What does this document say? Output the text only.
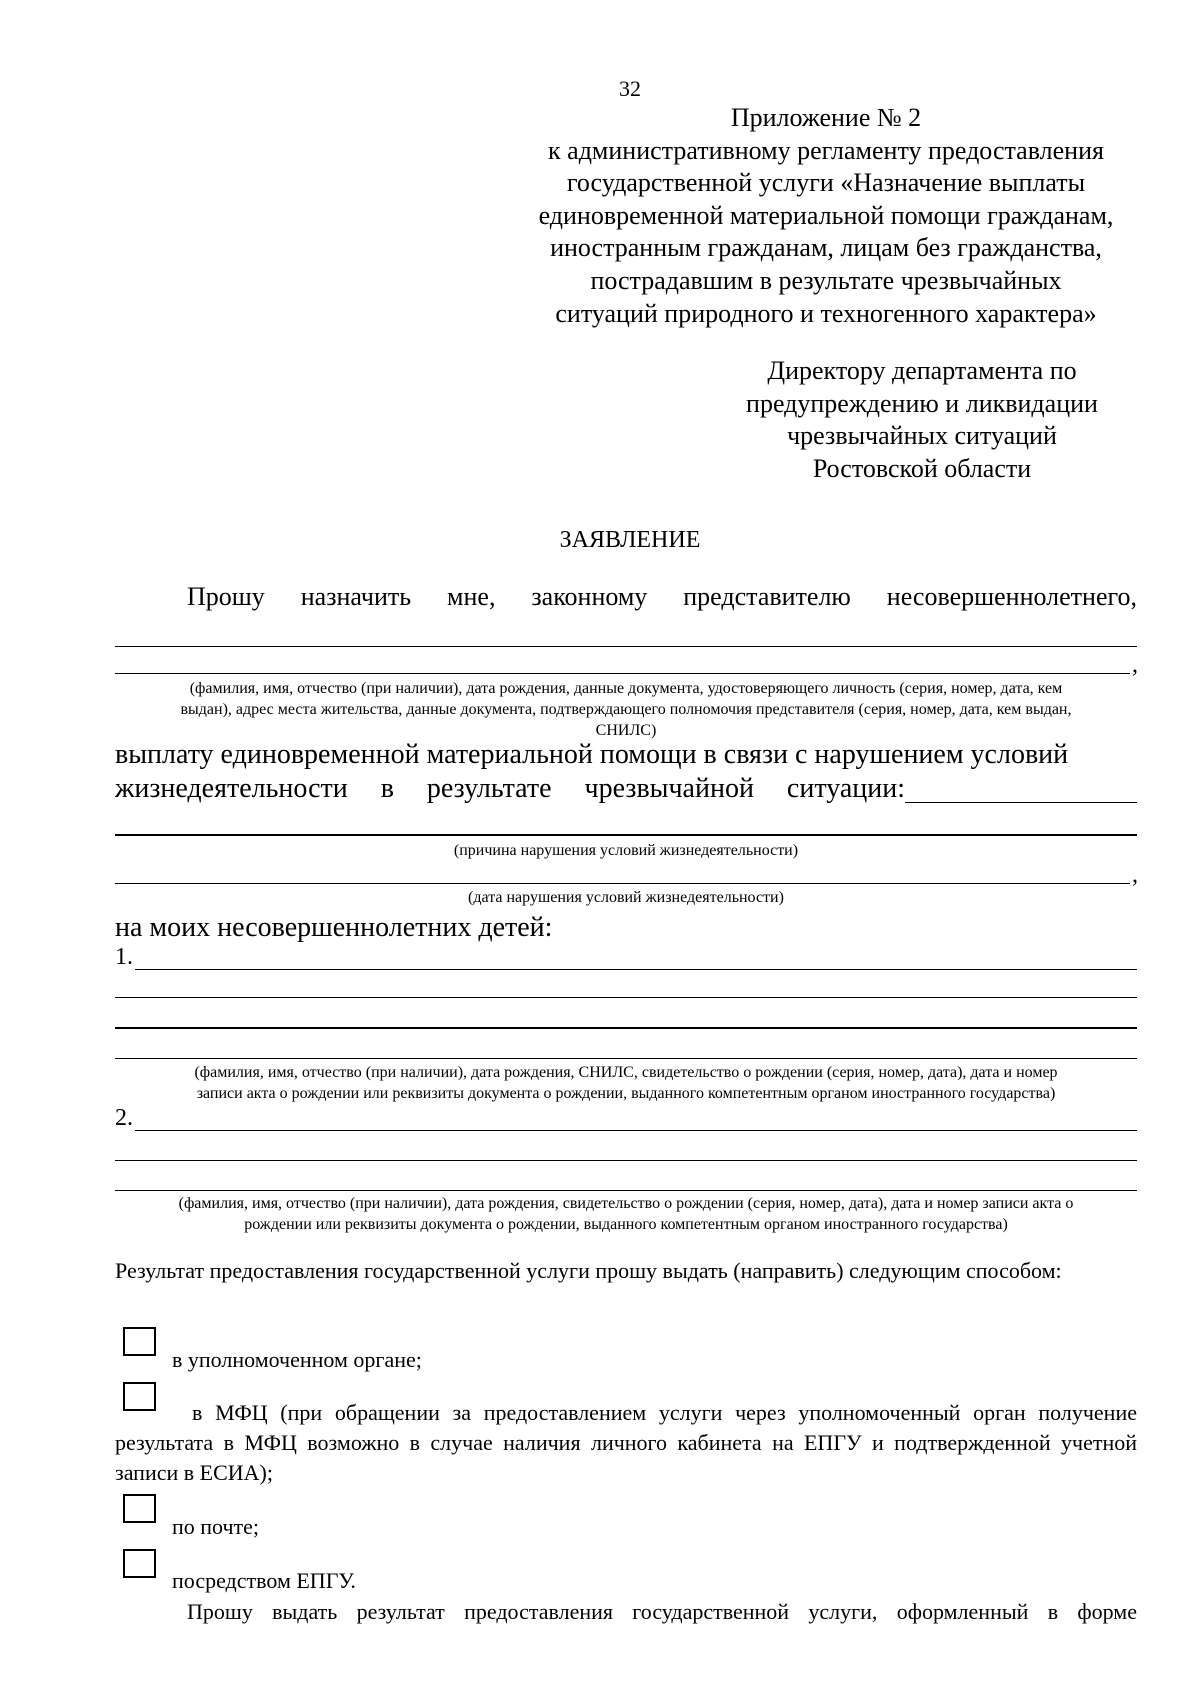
32
Приложение № 2
к административному регламенту предоставления
государственной услуги «Назначение выплаты
единовременной материальной помощи гражданам,
иностранным гражданам, лицам без гражданства,
пострадавшим в результате чрезвычайных
ситуаций природного и техногенного характера»
Директору департамента по
предупреждению и ликвидации
чрезвычайных ситуаций
Ростовской области
ЗАЯВЛЕНИЕ

Прошу назначить мне, законному представителю несовершеннолетнего,

,
(фамилия, имя, отчество (при наличии), дата рождения, данные документа, удостоверяющего личность (серия, номер, дата, кем
выдан), адрес места жительства, данные документа, подтверждающего полномочия представителя (серия, номер, дата, кем выдан,
СНИЛС)

выплату единовременной материальной помощи в связи с нарушением условий

жизнедеятельности в результате чрезвычайной ситуации:

(причина нарушения условий жизнедеятельности)
,
(дата нарушения условий жизнедеятельности)

на моих несовершеннолетних детей:

1.
(фамилия, имя, отчество (при наличии), дата рождения, СНИЛС, свидетельство о рождении (серия, номер, дата), дата и номер
записи акта о рождении или реквизиты документа о рождении, выданного компетентным органом иностранного государства)
2.
(фамилия, имя, отчество (при наличии), дата рождения, свидетельство о рождении (серия, номер, дата), дата и номер записи акта о
рождении или реквизиты документа о рождении, выданного компетентным органом иностранного государства)

Результат предоставления государственной услуги прошу выдать (направить) следующим способом:

в уполномоченном органе;

в МФЦ (при обращении за предоставлением услуги через уполномоченный орган получение результата в МФЦ возможно в случае наличия личного кабинета на ЕПГУ и подтвержденной учетной записи в ЕСИА);

по почте;
посредством ЕПГУ.

Прошу выдать результат предоставления государственной услуги, оформленный в форме
